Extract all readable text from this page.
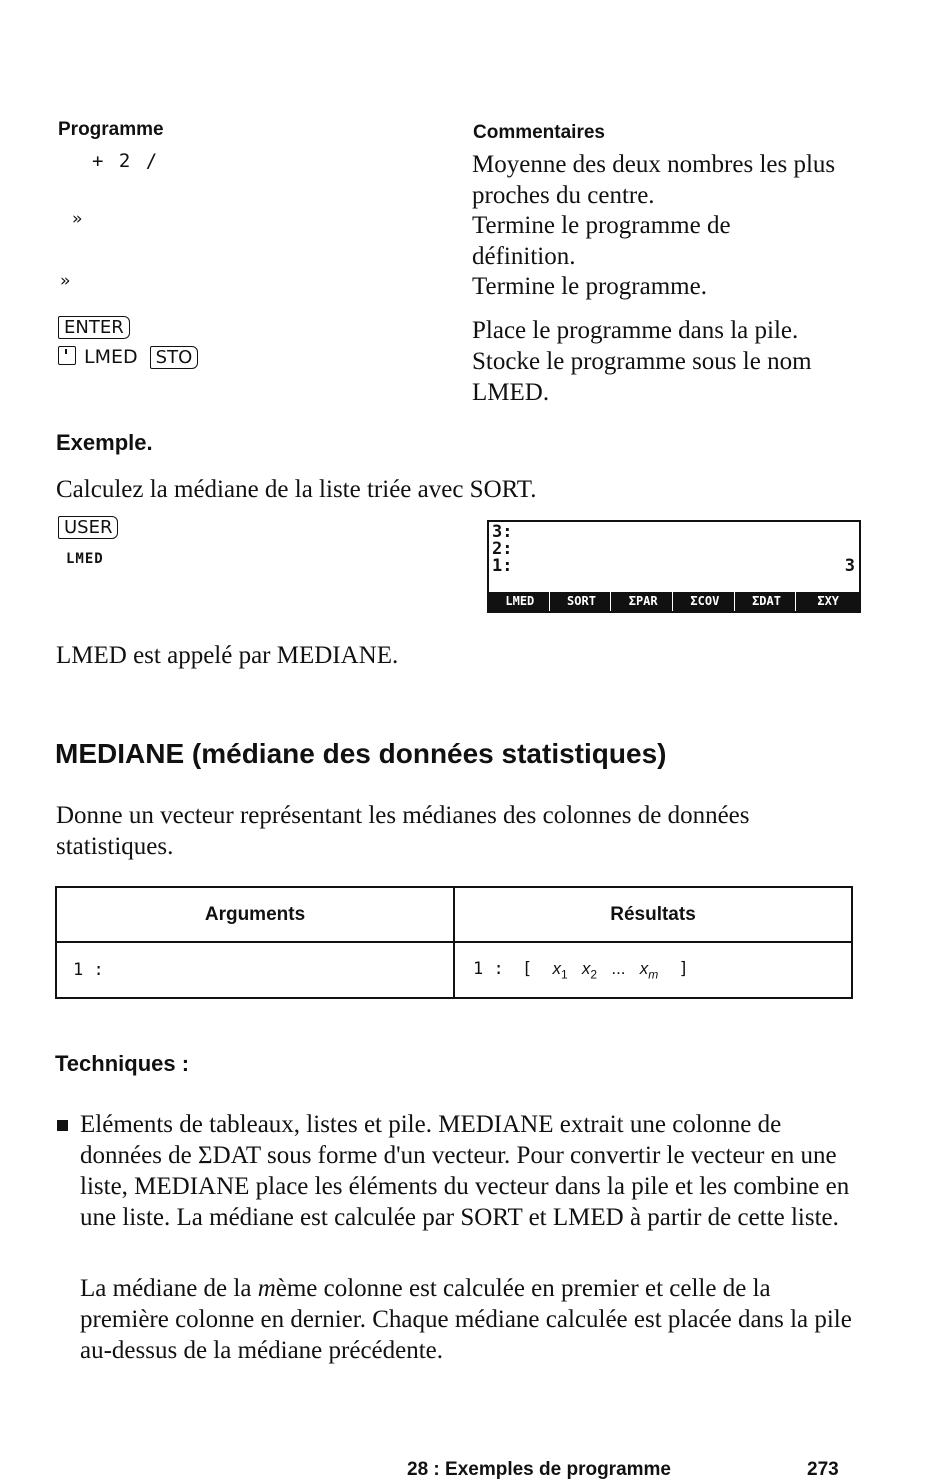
Programme	Commentaires
+ 2 /	Moyenne des deux nombres les plus proches du centre.
»	Termine le programme de définition.
»	Termine le programme.
ENTER	Place le programme dans la pile.
LMED STO	Stocke le programme sous le nom LMED.
Exemple.
Calculez la médiane de la liste triée avec SORT.
USER
LMED
3:
2:
1:	3
LMED	SORT	ΣPAR	ΣCOV	ΣDAT	ΣXY
LMED est appelé par MEDIANE.
MEDIANE (médiane des données statistiques)
Donne un vecteur représentant les médianes des colonnes de données statistiques.
Arguments	Résultats
1 :	1 : [ $x_1$ $x_2$ ... $x_m$ ]
Techniques :
Eléments de tableaux, listes et pile. MEDIANE extrait une colonne de données de ΣDAT sous forme d'un vecteur. Pour convertir le vecteur en une liste, MEDIANE place les éléments du vecteur dans la pile et les combine en une liste. La médiane est calculée par SORT et LMED à partir de cette liste.
La médiane de la mème colonne est calculée en premier et celle de la première colonne en dernier. Chaque médiane calculée est placée dans la pile au-dessus de la médiane précédente.
28 : Exemples de programme	273
